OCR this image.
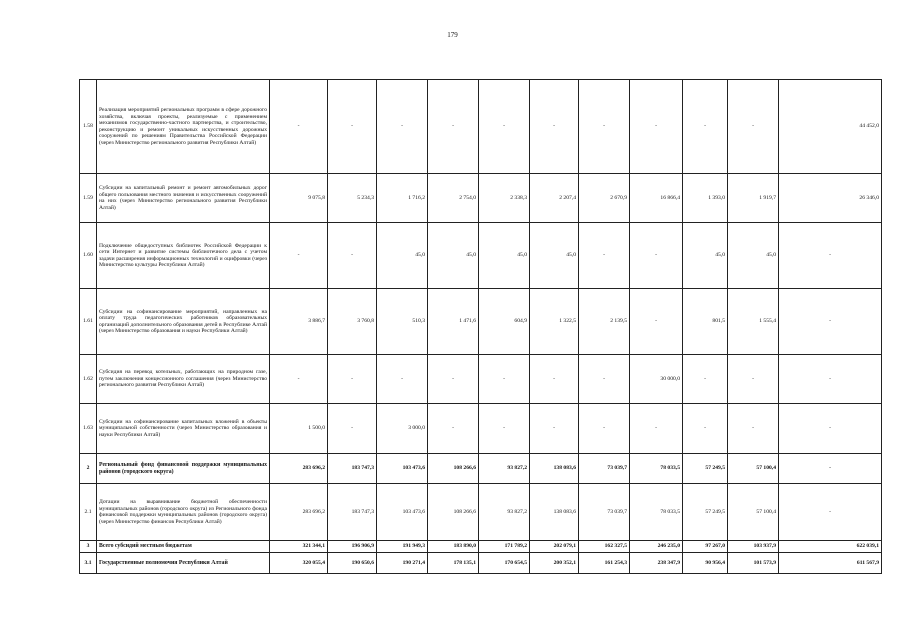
179
1.58	Реализация мероприятий региональных программ в сфере дорожного хозяйства, включая проекты, реализуемые с применением механизмов государственно-частного партнерства, и строительство, реконструкцию и ремонт уникальных искусственных дорожных сооружений по решениям Правительства Российской Федерации (через Министерство регионального развития Республики Алтай)	-	-	-	-	-	-	-	-	-	-	44 452,0
1.59	Субсидии на капитальный ремонт и ремонт автомобильных дорог общего пользования местного значения и искусственных сооружений на них (через Министерство регионального развития Республики Алтай)	9 075,8	5 234,3	1 716,2	2 754,0	2 338,3	2 207,4	2 670,9	16 866,4	1 393,0	1 919,7	26 346,0
1.60	Подключение общедоступных библиотек Российской Федерации к сети Интернет и развитие системы библиотечного дела с учетом задачи расширения информационных технологий и оцифровки (через Министерство культуры Республики Алтай)	-	-	45,0	45,0	45,0	45,0	-	-	45,0	45,0	-
1.61	Субсидии на софинансирование мероприятий, направленных на оплату труда педагогических работников образовательных организаций дополнительного образования детей в Республике Алтай (через Министерство образования и науки Республики Алтай)	3 886,7	3 760,8	510,3	1 471,6	604,9	1 322,5	2 139,5	-	801,5	1 555,4	-
1.62	Субсидия на перевод котельных, работающих на природном газе, путем заключения концессионного соглашения (через Министерство регионального развития Республики Алтай)	-	-	-	-	-	-	-	30 000,0	-	-	-
1.63	Субсидии на софинансирование капитальных вложений в объекты муниципальной собственности (через Министерство образования и науки Республики Алтай)	1 500,0	-	3 000,0	-	-	-	-	-	-	-	-
2	Региональный фонд финансовой поддержки муниципальных районов (городского округа)	283 696,2	183 747,3	103 473,6	108 266,6	93 827,2	138 083,6	73 039,7	78 033,5	57 249,5	57 100,4	-
2.1	Дотации на выравнивание бюджетной обеспеченности муниципальных районов (городского округа) из Регионального фонда финансовой поддержки муниципальных районов (городского округа) (через Министерство финансов Республики Алтай)	283 696,2	183 747,3	103 473,6	108 266,6	93 827,2	138 083,6	73 039,7	78 033,5	57 249,5	57 100,4	-
3	Всего субсидий местным бюджетам	321 344,1	196 906,9	191 949,3	183 890,0	171 789,2	202 079,1	162 327,5	246 235,0	97 267,0	103 937,9	622 039,1
3.1	Государственные полномочия Республики Алтай	320 055,4	190 650,6	190 271,4	178 135,1	170 654,5	200 352,1	161 254,3	238 347,9	90 956,4	101 573,9	611 567,9
